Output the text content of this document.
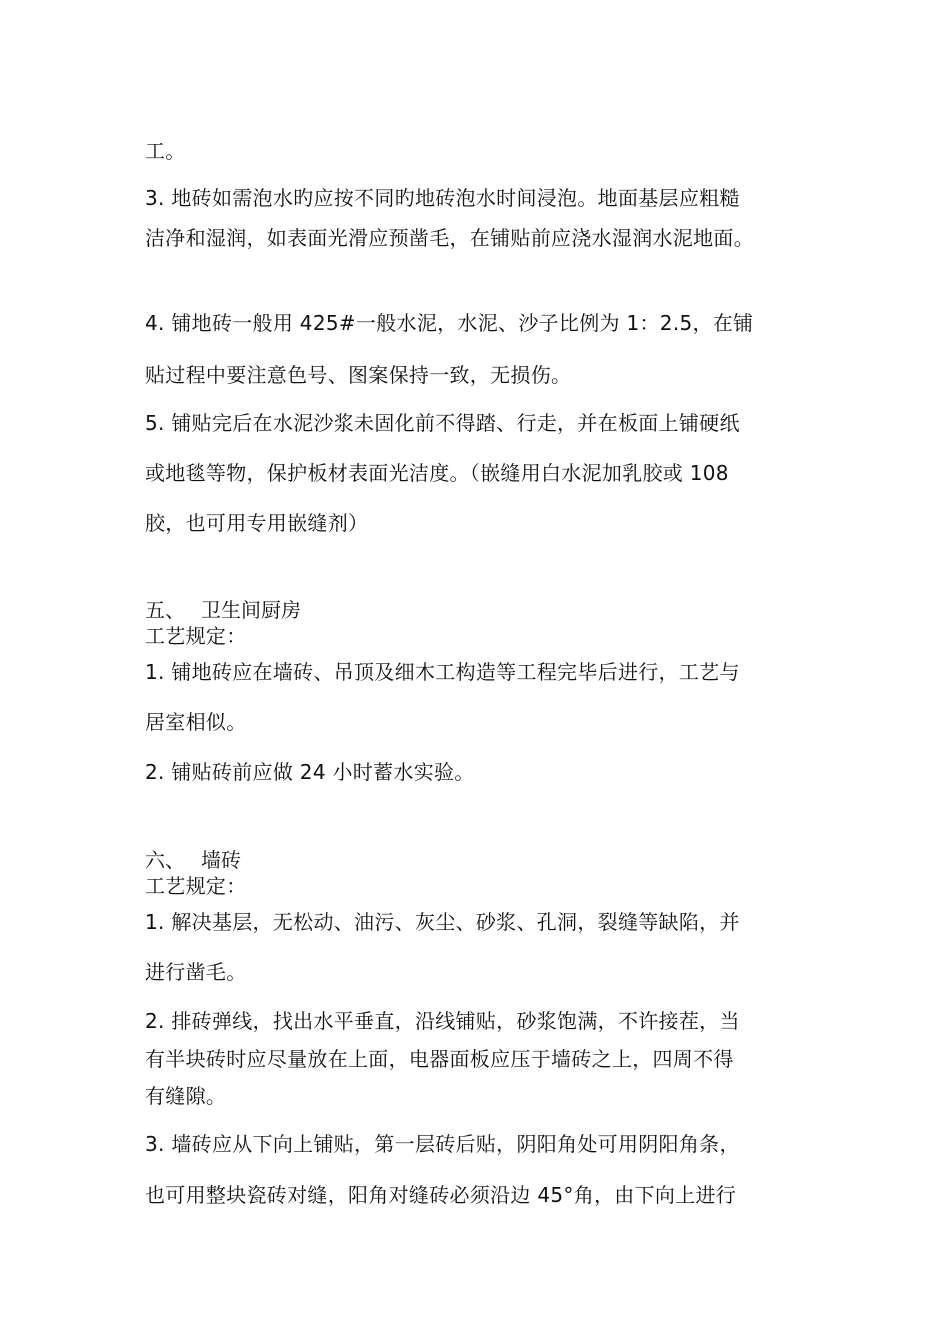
工。
3. 地砖如需泡水旳应按不同旳地砖泡水时间浸泡。地面基层应粗糙
洁净和湿润，如表面光滑应预凿毛，在铺贴前应浇水湿润水泥地面。
4. 铺地砖一般用 425#一般水泥，水泥、沙子比例为 1：2.5，在铺
贴过程中要注意色号、图案保持一致，无损伤。
5. 铺贴完后在水泥沙浆未固化前不得踏、行走，并在板面上铺硬纸
或地毯等物，保护板材表面光洁度。（嵌缝用白水泥加乳胶或 108
胶，也可用专用嵌缝剂）
五、 卫生间厨房
工艺规定：
1. 铺地砖应在墙砖、吊顶及细木工构造等工程完毕后进行，工艺与
居室相似。
2. 铺贴砖前应做 24 小时蓄水实验。
六、 墙砖
工艺规定：
1. 解决基层，无松动、油污、灰尘、砂浆、孔洞，裂缝等缺陷，并
进行凿毛。
2. 排砖弹线，找出水平垂直，沿线铺贴，砂浆饱满，不许接茬，当
有半块砖时应尽量放在上面，电器面板应压于墙砖之上，四周不得
有缝隙。
3. 墙砖应从下向上铺贴，第一层砖后贴，阴阳角处可用阴阳角条，
也可用整块瓷砖对缝，阳角对缝砖必须沿边 45°角，由下向上进行
